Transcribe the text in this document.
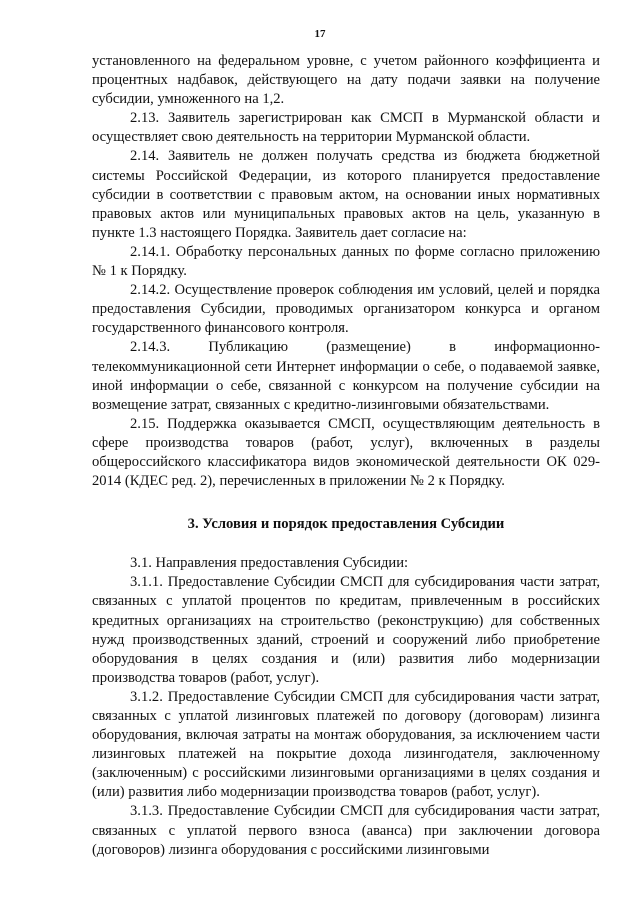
17

установленного на федеральном уровне, с учетом районного коэффициента и процентных надбавок, действующего на дату подачи заявки на получение субсидии, умноженного на 1,2.

2.13. Заявитель зарегистрирован как СМСП в Мурманской области и осуществляет свою деятельность на территории Мурманской области.

2.14. Заявитель не должен получать средства из бюджета бюджетной системы Российской Федерации, из которого планируется предоставление субсидии в соответствии с правовым актом, на основании иных нормативных правовых актов или муниципальных правовых актов на цель, указанную в пункте 1.3 настоящего Порядка. Заявитель дает согласие на:

2.14.1. Обработку персональных данных по форме согласно приложению № 1 к Порядку.

2.14.2. Осуществление проверок соблюдения им условий, целей и порядка предоставления Субсидии, проводимых организатором конкурса и органом государственного финансового контроля.

2.14.3. Публикацию (размещение) в информационно-телекоммуникационной сети Интернет информации о себе, о подаваемой заявке, иной информации о себе, связанной с конкурсом на получение субсидии на возмещение затрат, связанных с кредитно-лизинговыми обязательствами.

2.15. Поддержка оказывается СМСП, осуществляющим деятельность в сфере производства товаров (работ, услуг), включенных в разделы общероссийского классификатора видов экономической деятельности ОК 029-2014 (КДЕС ред. 2), перечисленных в приложении № 2 к Порядку.

3. Условия и порядок предоставления Субсидии

3.1. Направления предоставления Субсидии:

3.1.1. Предоставление Субсидии СМСП для субсидирования части затрат, связанных с уплатой процентов по кредитам, привлеченным в российских кредитных организациях на строительство (реконструкцию) для собственных нужд производственных зданий, строений и сооружений либо приобретение оборудования в целях создания и (или) развития либо модернизации производства товаров (работ, услуг).

3.1.2. Предоставление Субсидии СМСП для субсидирования части затрат, связанных с уплатой лизинговых платежей по договору (договорам) лизинга оборудования, включая затраты на монтаж оборудования, за исключением части лизинговых платежей на покрытие дохода лизингодателя, заключенному (заключенным) с российскими лизинговыми организациями в целях создания и (или) развития либо модернизации производства товаров (работ, услуг).

3.1.3. Предоставление Субсидии СМСП для субсидирования части затрат, связанных с уплатой первого взноса (аванса) при заключении договора (договоров) лизинга оборудования с российскими лизинговыми
